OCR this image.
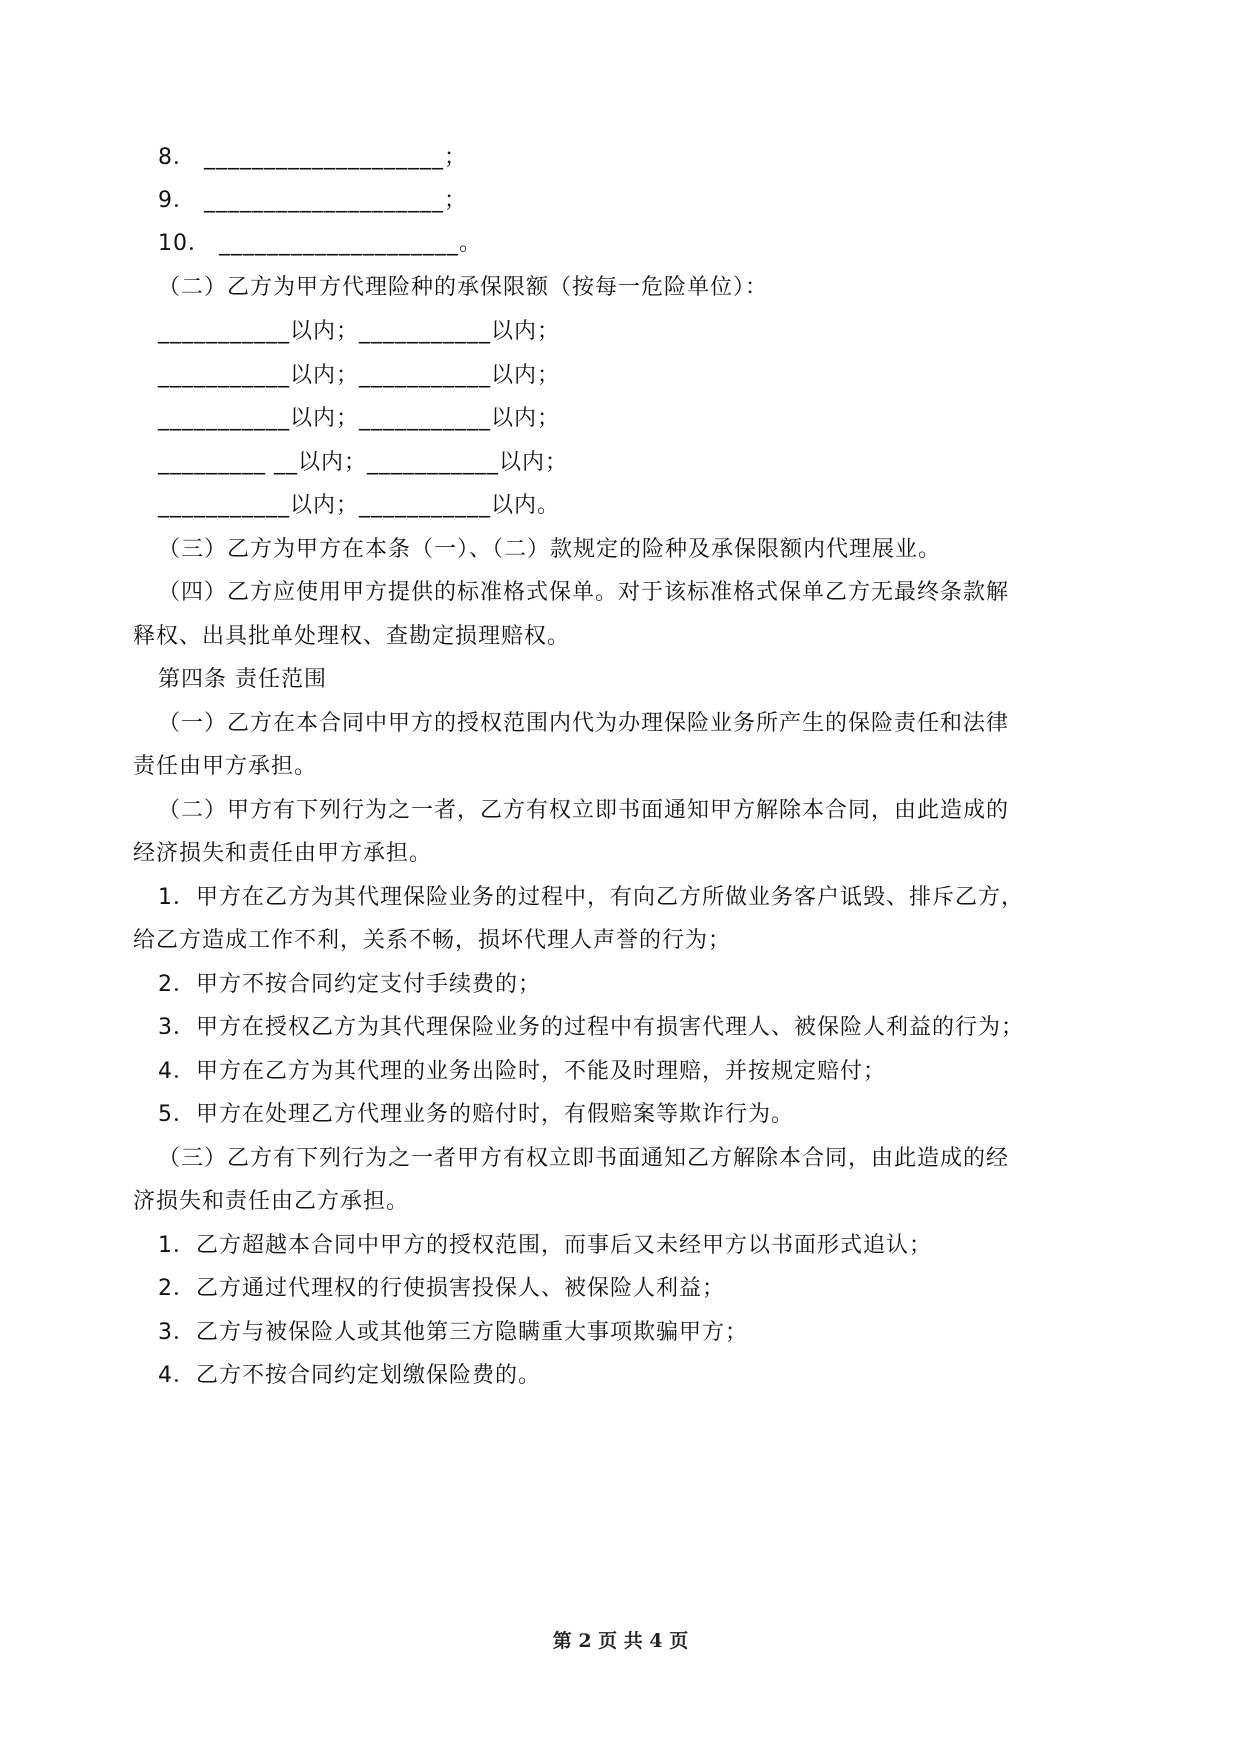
8． ____________________；
9． ____________________；
10． ____________________。
（二）乙方为甲方代理险种的承保限额（按每一危险单位）：
___________以内；___________以内；
___________以内；___________以内；
___________以内；___________以内；
_________ __以内；___________以内；
___________以内；___________以内。
（三）乙方为甲方在本条（一）、（二）款规定的险种及承保限额内代理展业。
（四）乙方应使用甲方提供的标准格式保单。对于该标准格式保单乙方无最终条款解
释权、出具批单处理权、查勘定损理赔权。
第四条 责任范围
（一）乙方在本合同中甲方的授权范围内代为办理保险业务所产生的保险责任和法律
责任由甲方承担。
（二）甲方有下列行为之一者，乙方有权立即书面通知甲方解除本合同，由此造成的
经济损失和责任由甲方承担。
1．甲方在乙方为其代理保险业务的过程中，有向乙方所做业务客户诋毁、排斥乙方，
给乙方造成工作不利，关系不畅，损坏代理人声誉的行为；
2．甲方不按合同约定支付手续费的；
3．甲方在授权乙方为其代理保险业务的过程中有损害代理人、被保险人利益的行为；
4．甲方在乙方为其代理的业务出险时，不能及时理赔，并按规定赔付；
5．甲方在处理乙方代理业务的赔付时，有假赔案等欺诈行为。
（三）乙方有下列行为之一者甲方有权立即书面通知乙方解除本合同，由此造成的经
济损失和责任由乙方承担。
1．乙方超越本合同中甲方的授权范围，而事后又未经甲方以书面形式追认；
2．乙方通过代理权的行使损害投保人、被保险人利益；
3．乙方与被保险人或其他第三方隐瞒重大事项欺骗甲方；
4．乙方不按合同约定划缴保险费的。
第 2 页 共 4 页
